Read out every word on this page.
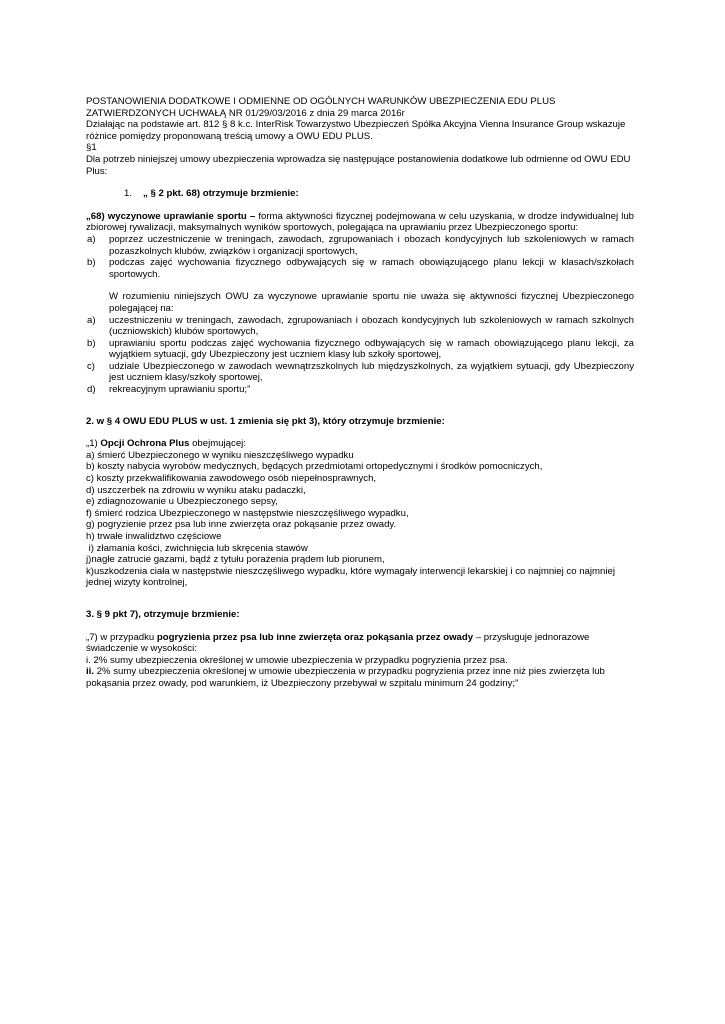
POSTANOWIENIA DODATKOWE I ODMIENNE OD OGÓLNYCH WARUNKÓW UBEZPIECZENIA EDU PLUS

ZATWIERDZONYCH UCHWAŁĄ NR 01/29/03/2016 z dnia 29 marca 2016r

Działając na podstawie art. 812 § 8 k.c. InterRisk Towarzystwo Ubezpieczeń Spółka Akcyjna Vienna Insurance Group wskazuje różnice pomiędzy proponowaną treścią umowy a OWU EDU PLUS.

§1

Dla potrzeb niniejszej umowy ubezpieczenia wprowadza się następujące postanowienia dodatkowe lub odmienne od OWU EDU Plus:

1.	„ § 2 pkt. 68) otrzymuje brzmienie:

„68) wyczynowe uprawianie sportu – forma aktywności fizycznej podejmowana w celu uzyskania, w drodze indywidualnej lub zbiorowej rywalizacji, maksymalnych wyników sportowych, polegająca na uprawianiu przez Ubezpieczonego sportu:

a)	poprzez uczestniczenie w treningach, zawodach, zgrupowaniach i obozach kondycyjnych lub szkoleniowych w ramach pozaszkolnych klubów, związków i organizacji sportowych,
b)	podczas zajęć wychowania fizycznego odbywających się w ramach obowiązującego planu lekcji w klasach/szkołach sportowych.

W rozumieniu niniejszych OWU za wyczynowe uprawianie sportu nie uważa się aktywności fizycznej Ubezpieczonego polegającej na:

a)	uczestniczeniu w treningach, zawodach, zgrupowaniach i obozach kondycyjnych lub szkoleniowych w ramach szkolnych (uczniowskich) klubów sportowych,
b)	uprawianiu sportu podczas zajęć wychowania fizycznego odbywających się w ramach obowiązującego planu lekcji, za wyjątkiem sytuacji, gdy Ubezpieczony jest uczniem klasy lub szkoły sportowej,
c)	udziale Ubezpieczonego w zawodach wewnątrzszkolnych lub międzyszkolnych, za wyjątkiem sytuacji, gdy Ubezpieczony jest uczniem klasy/szkoły sportowej,
d)	rekreacyjnym uprawianiu sportu;”

2. w § 4 OWU EDU PLUS w ust. 1 zmienia się pkt 3), który otrzymuje brzmienie:

„1) Opcji Ochrona Plus obejmującej:

a) śmierć Ubezpieczonego w wyniku nieszczęśliwego wypadku

b) koszty nabycia wyrobów medycznych, będących przedmiotami ortopedycznymi i środków pomocniczych,

c) koszty przekwalifikowania zawodowego osób niepełnosprawnych,

d) uszczerbek na zdrowiu w wyniku ataku padaczki,

e) zdiagnozowanie u Ubezpieczonego sepsy,

f) śmierć rodzica Ubezpieczonego w następstwie nieszczęśliwego wypadku,

g) pogryzienie przez psa lub inne zwierzęta oraz pokąsanie przez owady.

h) trwałe inwalidztwo częściowe

i) złamania kości, zwichnięcia lub skręcenia stawów

j)nagłe zatrucie gazami, bądź z tytułu porażenia prądem lub piorunem,

k)uszkodzenia ciała w następstwie nieszczęśliwego wypadku, które wymagały interwencji lekarskiej i co najmniej co najmniej jednej wizyty kontrolnej,

3. § 9 pkt 7), otrzymuje brzmienie:

„7) w przypadku pogryzienia przez psa lub inne zwierzęta oraz pokąsania przez owady – przysługuje jednorazowe świadczenie w wysokości:

i. 2% sumy ubezpieczenia określonej w umowie ubezpieczenia w przypadku pogryzienia przez psa.

ii. 2% sumy ubezpieczenia określonej w umowie ubezpieczenia w przypadku pogryzienia przez inne niż pies zwierzęta lub pokąsania przez owady, pod warunkiem, iż Ubezpieczony przebywał w szpitalu minimum 24 godziny;”
